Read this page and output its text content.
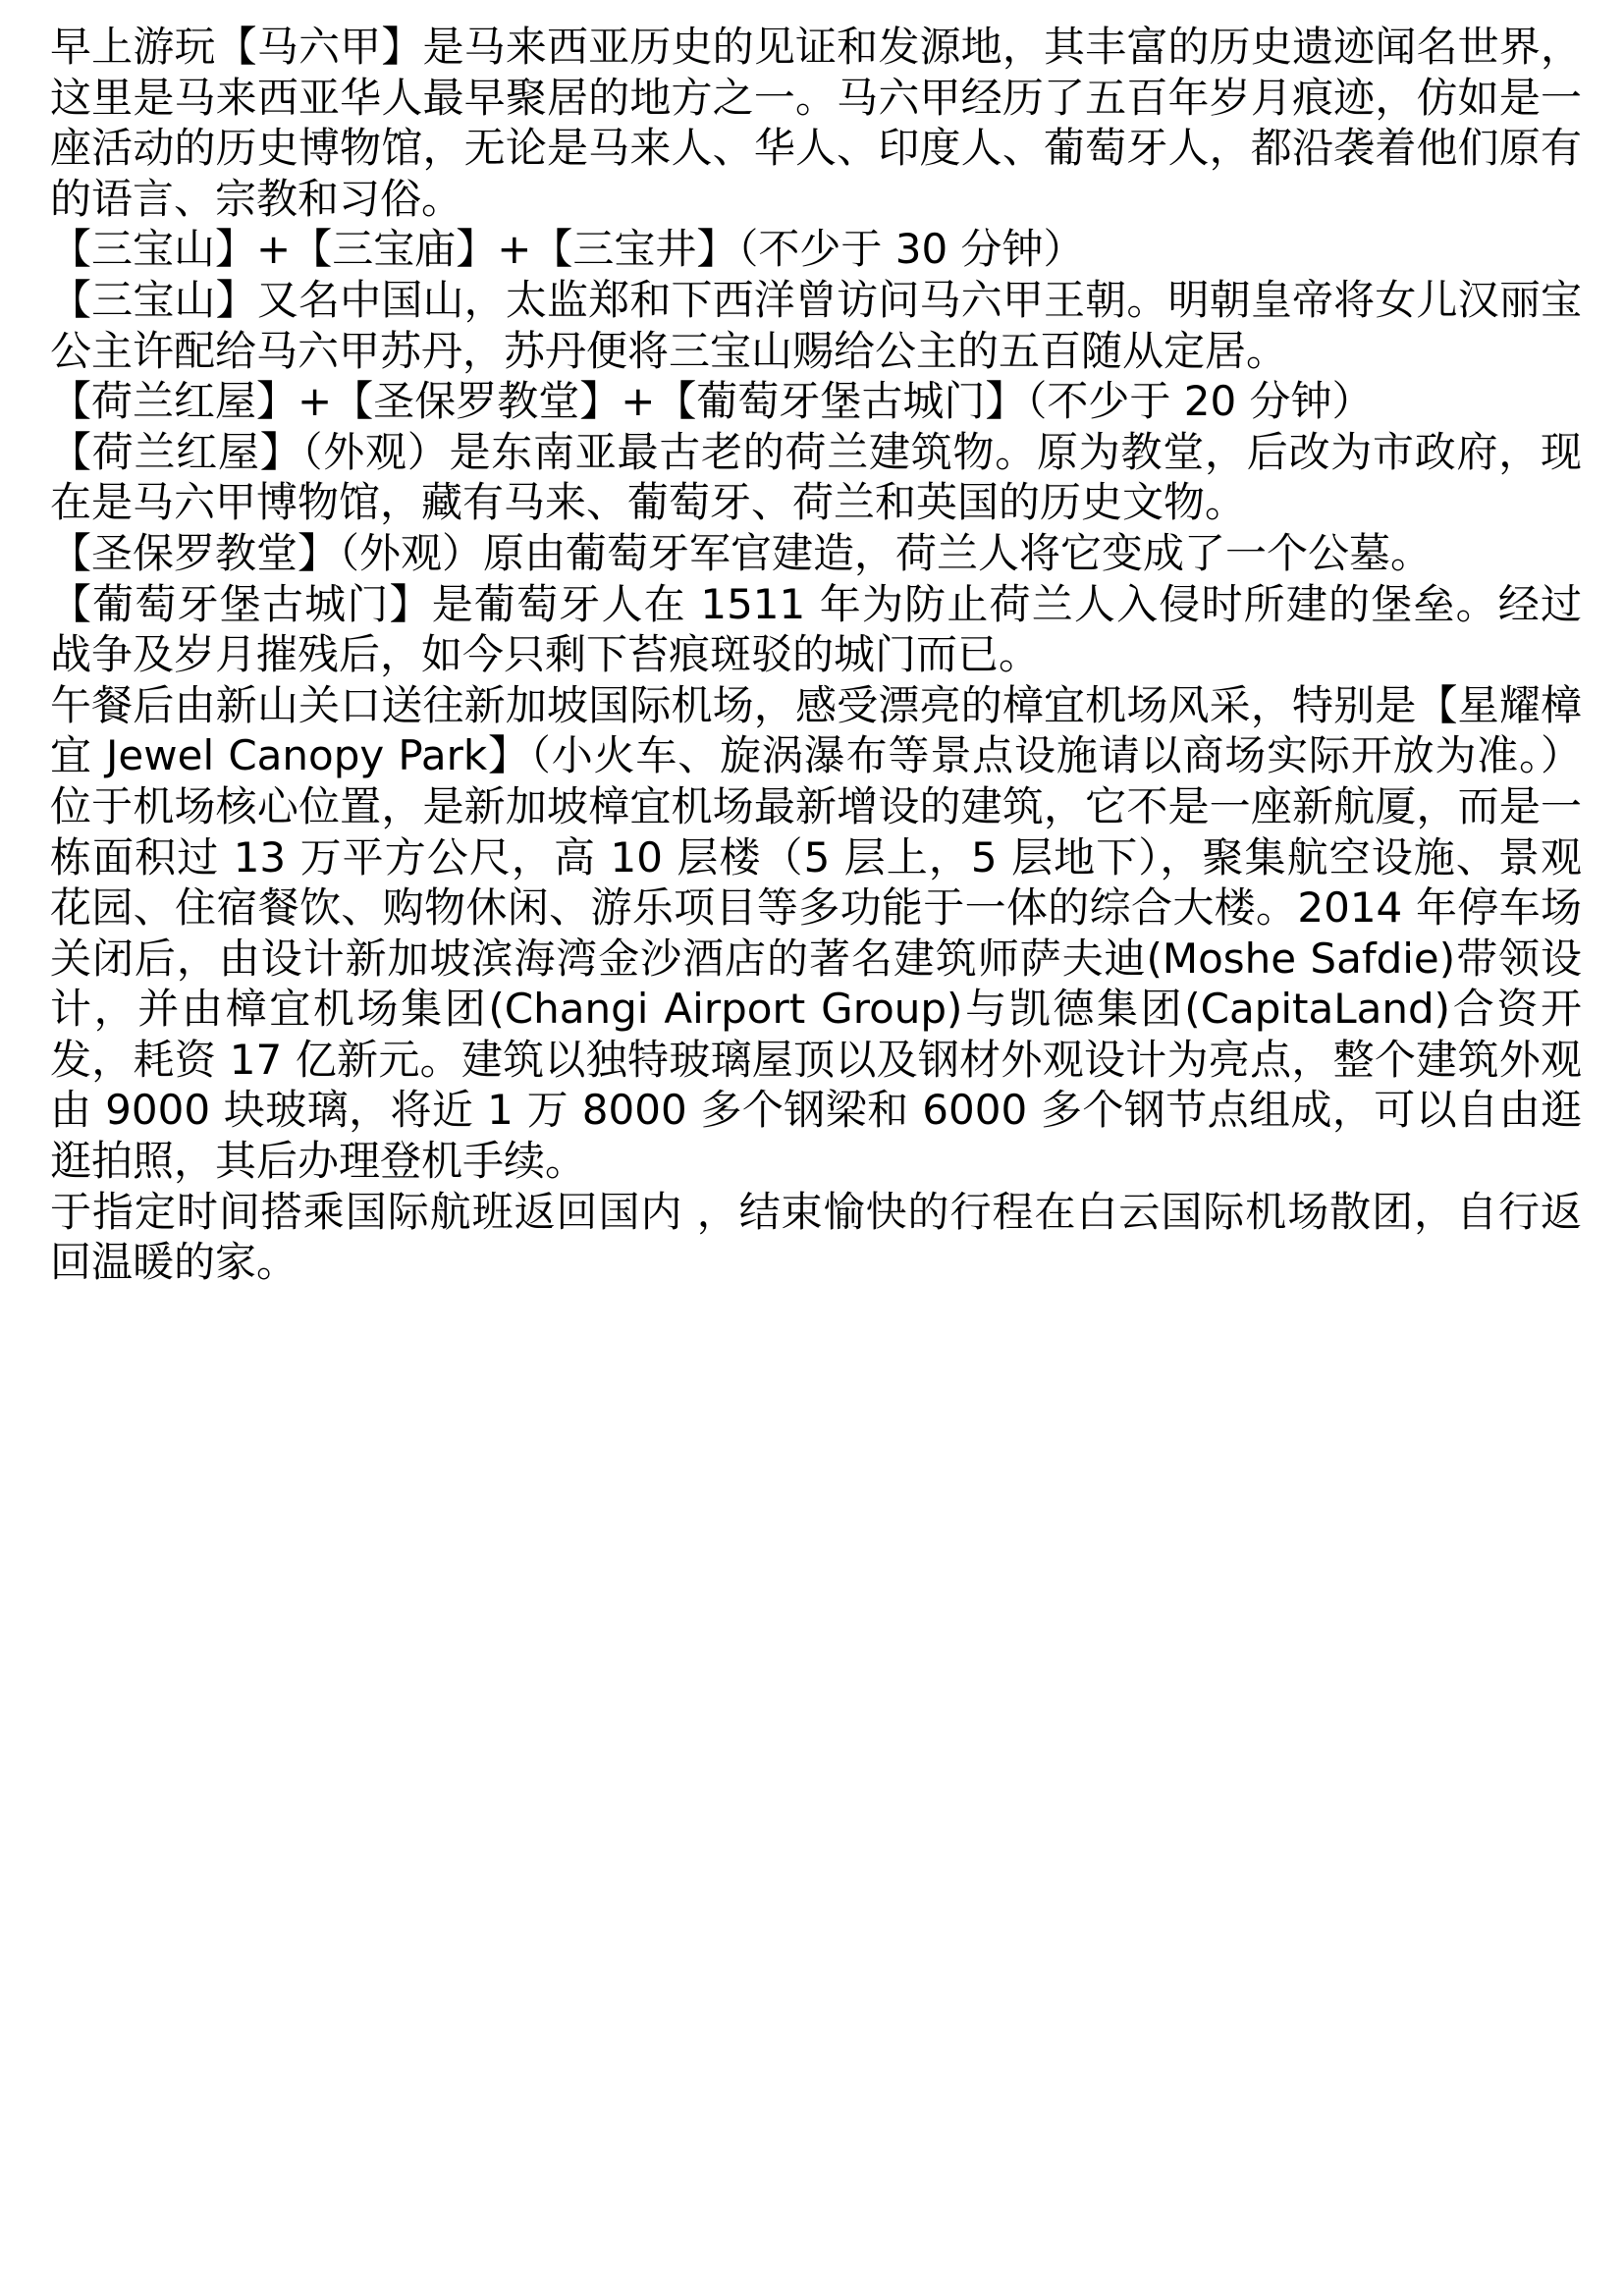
早上游玩【马六甲】是马来西亚历史的见证和发源地，其丰富的历史遗迹闻名世界，这里是马来西亚华人最早聚居的地方之一。马六甲经历了五百年岁月痕迹，仿如是一座活动的历史博物馆，无论是马来人、华人、印度人、葡萄牙人，都沿袭着他们原有的语言、宗教和习俗。

【三宝山】+【三宝庙】+【三宝井】（不少于 30 分钟）

【三宝山】又名中国山，太监郑和下西洋曾访问马六甲王朝。明朝皇帝将女儿汉丽宝公主许配给马六甲苏丹，苏丹便将三宝山赐给公主的五百随从定居。

【荷兰红屋】+【圣保罗教堂】+【葡萄牙堡古城门】（不少于 20 分钟）

【荷兰红屋】（外观）是东南亚最古老的荷兰建筑物。原为教堂，后改为市政府，现在是马六甲博物馆，藏有马来、葡萄牙、荷兰和英国的历史文物。

【圣保罗教堂】（外观）原由葡萄牙军官建造，荷兰人将它变成了一个公墓。

【葡萄牙堡古城门】是葡萄牙人在 1511 年为防止荷兰人入侵时所建的堡垒。经过战争及岁月摧残后，如今只剩下苔痕斑驳的城门而已。

午餐后由新山关口送往新加坡国际机场，感受漂亮的樟宜机场风采，特别是【星耀樟宜 Jewel Canopy Park】（小火车、旋涡瀑布等景点设施请以商场实际开放为准。）位于机场核心位置，是新加坡樟宜机场最新增设的建筑，它不是一座新航厦，而是一栋面积过 13 万平方公尺，高 10 层楼（5 层上，5 层地下），聚集航空设施、景观花园、住宿餐饮、购物休闲、游乐项目等多功能于一体的综合大楼。2014 年停车场关闭后，由设计新加坡滨海湾金沙酒店的著名建筑师萨夫迪(Moshe Safdie)带领设计，并由樟宜机场集团(Changi Airport Group)与凯德集团(CapitaLand)合资开发，耗资 17 亿新元。建筑以独特玻璃屋顶以及钢材外观设计为亮点，整个建筑外观由 9000 块玻璃，将近 1 万 8000 多个钢梁和 6000 多个钢节点组成，可以自由逛逛拍照，其后办理登机手续。

于指定时间搭乘国际航班返回国内 ，结束愉快的行程在白云国际机场散团，自行返回温暖的家。
